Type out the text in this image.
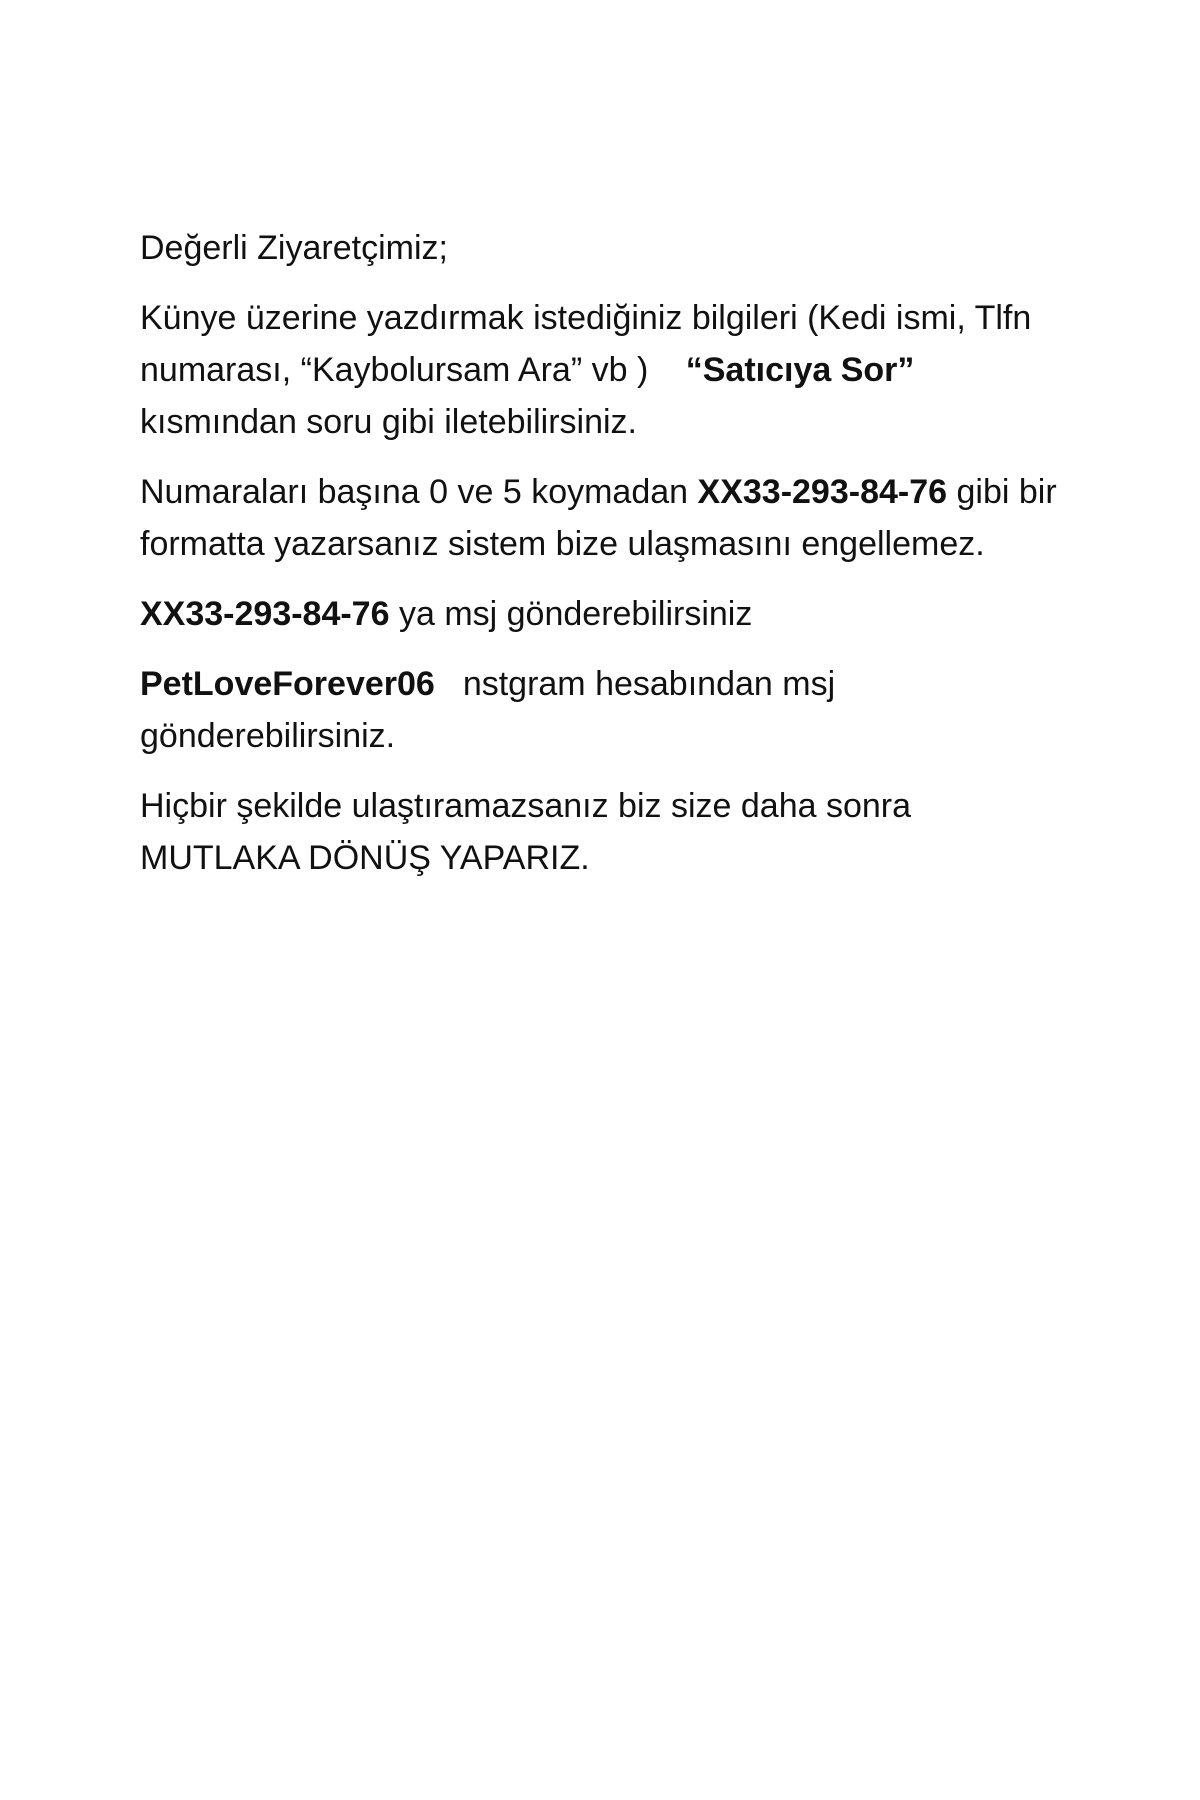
Değerli Ziyaretçimiz;

Künye üzerine yazdırmak istediğiniz bilgileri (Kedi ismi, Tlfn numarası, “Kaybolursam Ara” vb ) “Satıcıya Sor” kısmından soru gibi iletebilirsiniz.

Numaraları başına 0 ve 5 koymadan XX33-293-84-76 gibi bir formatta yazarsanız sistem bize ulaşmasını engellemez.

XX33-293-84-76 ya msj gönderebilirsiniz

PetLoveForever06 nstgram hesabından msj gönderebilirsiniz.

Hiçbir şekilde ulaştıramazsanız biz size daha sonra
MUTLAKA DÖNÜŞ YAPARIZ.
